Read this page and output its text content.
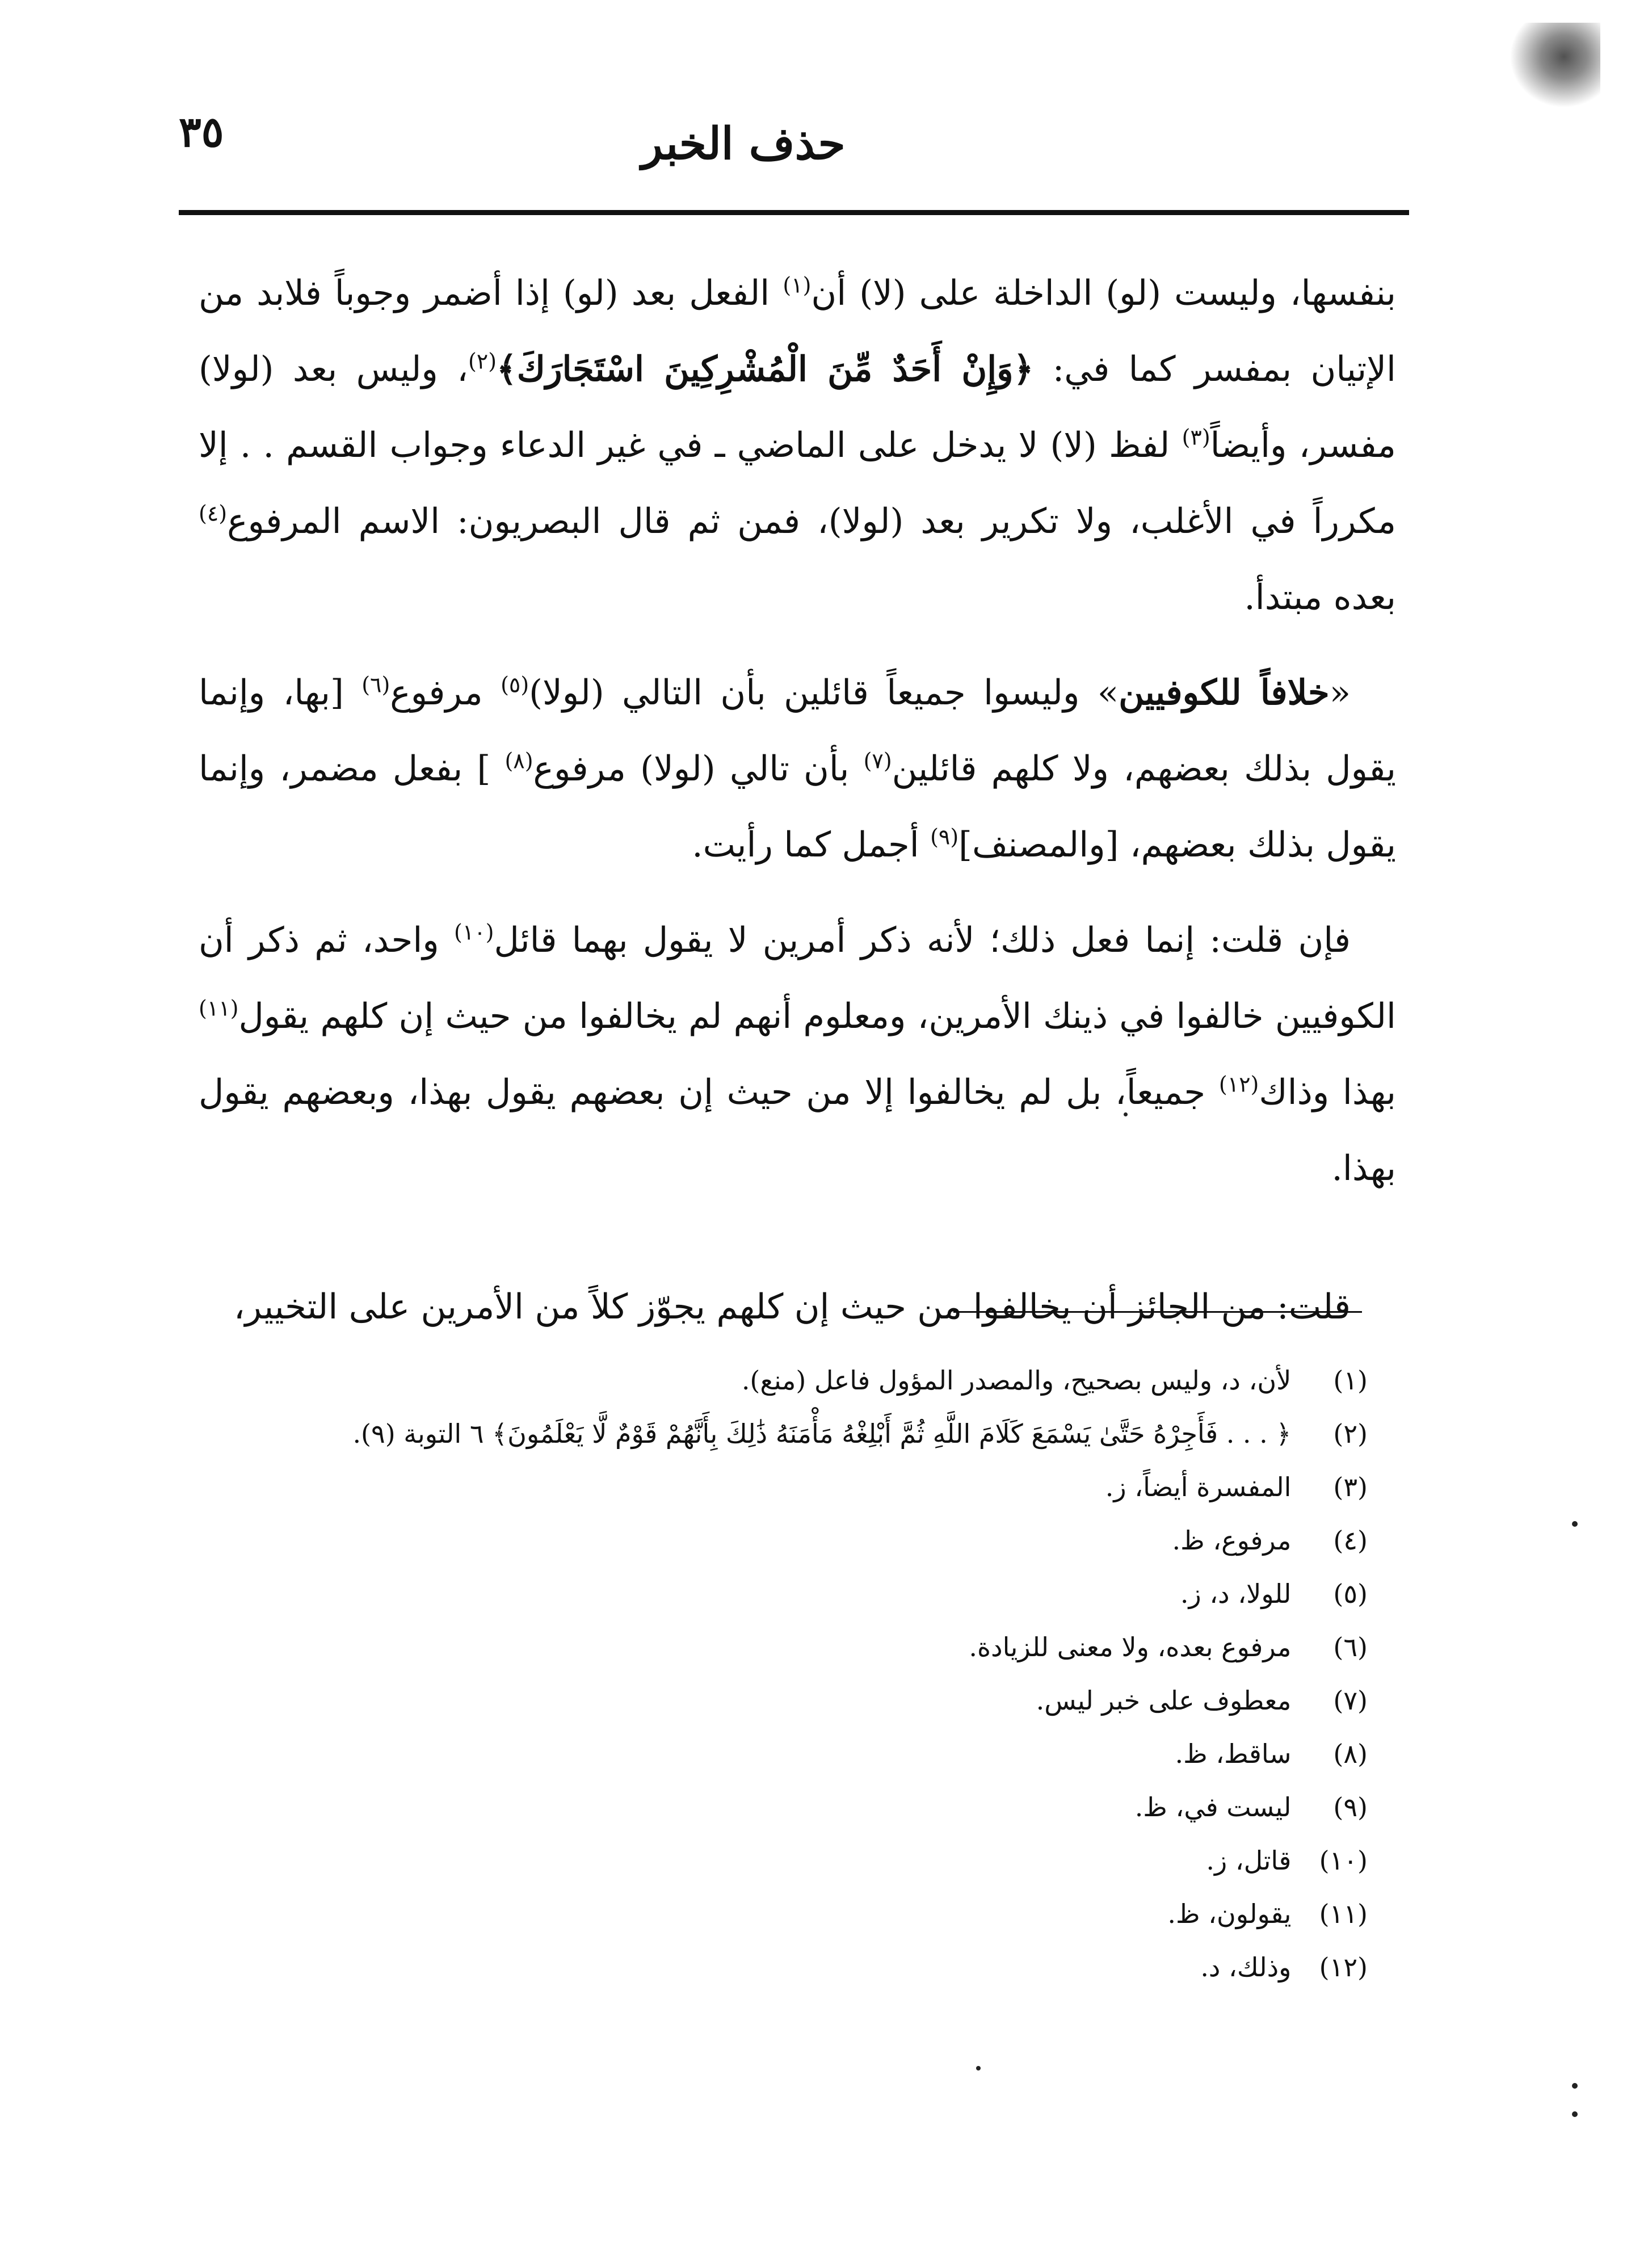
٣٥	حذف الخبر

بنفسها، وليست (لو) الداخلة على (لا) أن$^{(١)}$ الفعل بعد (لو) إذا أضمر وجوباً فلابد من الإتيان بمفسر كما في: ﴿وَإِنْ أَحَدٌ مِّنَ الْمُشْرِكِينَ اسْتَجَارَكَ﴾$^{(٢)}$، وليس بعد (لولا) مفسر، وأيضاً$^{(٣)}$ لفظ (لا) لا يدخل على الماضي ـ في غير الدعاء وجواب القسم . . إلا مكرراً في الأغلب، ولا تكرير بعد (لولا)، فمن ثم قال البصريون: الاسم المرفوع$^{(٤)}$ بعده مبتدأ.

«خلافاً للكوفيين» وليسوا جميعاً قائلين بأن التالي (لولا)$^{(٥)}$ مرفوع$^{(٦)}$ [بها، وإنما يقول بذلك بعضهم، ولا كلهم قائلين$^{(٧)}$ بأن تالي (لولا) مرفوع$^{(٨)}$ ] بفعل مضمر، وإنما يقول بذلك بعضهم، [والمصنف]$^{(٩)}$ أجمل كما رأيت.

فإن قلت: إنما فعل ذلك؛ لأنه ذكر أمرين لا يقول بهما قائل$^{(١٠)}$ واحد، ثم ذكر أن الكوفيين خالفوا في ذينك الأمرين، ومعلوم أنهم لم يخالفوا من حيث إن كلهم يقول$^{(١١)}$ بهذا وذاك$^{(١٢)}$ جميعاً، بل لم يخالفوا إلا من حيث إن بعضهم يقول بهذا، وبعضهم يقول بهذا.

قلت: من الجائز أن يخالفوا من حيث إن كلهم يجوّز كلاً من الأمرين على التخيير،

(١) لأن، د، وليس بصحيح، والمصدر المؤول فاعل (منع).
(٢) ﴿ . . . فَأَجِرْهُ حَتَّىٰ يَسْمَعَ كَلَامَ اللَّهِ ثُمَّ أَبْلِغْهُ مَأْمَنَهُ ذَٰلِكَ بِأَنَّهُمْ قَوْمٌ لَّا يَعْلَمُونَ﴾ ٦ التوبة (٩).
(٣) المفسرة أيضاً، ز.
(٤) مرفوع، ظ.
(٥) للولا، د، ز.
(٦) مرفوع بعده، ولا معنى للزيادة.
(٧) معطوف على خبر ليس.
(٨) ساقط، ظ.
(٩) ليست في، ظ.
(١٠) قاتل، ز.
(١١) يقولون، ظ.
(١٢) وذلك، د.
